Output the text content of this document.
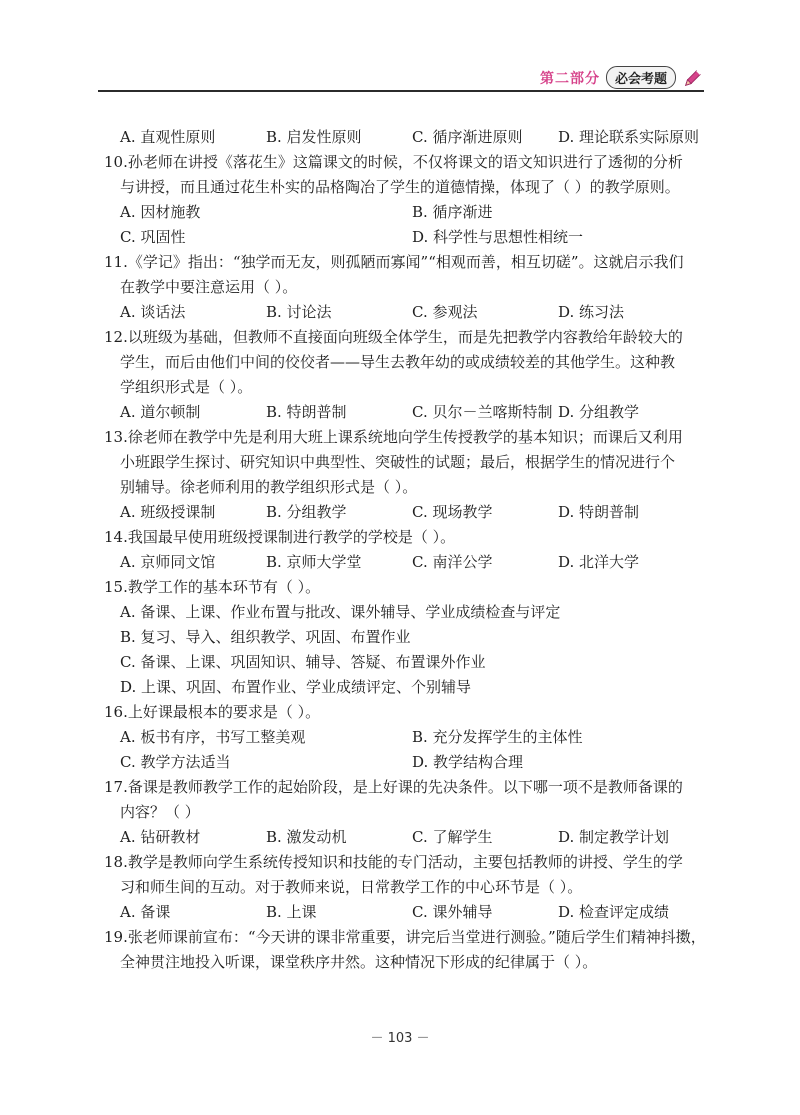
第二部分	必会考题
A. 直观性原则	B. 启发性原则	C. 循序渐进原则	D. 理论联系实际原则
10.孙老师在讲授《落花生》这篇课文的时候，不仅将课文的语文知识进行了透彻的分析
与讲授，而且通过花生朴实的品格陶冶了学生的道德情操，体现了（ ）的教学原则。
A. 因材施教	B. 循序渐进
C. 巩固性	D. 科学性与思想性相统一
11.《学记》指出：“独学而无友，则孤陋而寡闻”“相观而善，相互切磋”。这就启示我们
在教学中要注意运用（ ）。
A. 谈话法	B. 讨论法	C. 参观法	D. 练习法
12.以班级为基础，但教师不直接面向班级全体学生，而是先把教学内容教给年龄较大的
学生，而后由他们中间的佼佼者——导生去教年幼的或成绩较差的其他学生。这种教
学组织形式是（ ）。
A. 道尔顿制	B. 特朗普制	C. 贝尔－兰喀斯特制 D. 分组教学
13.徐老师在教学中先是利用大班上课系统地向学生传授教学的基本知识；而课后又利用
小班跟学生探讨、研究知识中典型性、突破性的试题；最后，根据学生的情况进行个
别辅导。徐老师利用的教学组织形式是（ ）。
A. 班级授课制	B. 分组教学	C. 现场教学	D. 特朗普制
14.我国最早使用班级授课制进行教学的学校是（ ）。
A. 京师同文馆	B. 京师大学堂	C. 南洋公学	D. 北洋大学
15.教学工作的基本环节有（ ）。
A. 备课、上课、作业布置与批改、课外辅导、学业成绩检查与评定
B. 复习、导入、组织教学、巩固、布置作业
C. 备课、上课、巩固知识、辅导、答疑、布置课外作业
D. 上课、巩固、布置作业、学业成绩评定、个别辅导
16.上好课最根本的要求是（ ）。
A. 板书有序，书写工整美观	B. 充分发挥学生的主体性
C. 教学方法适当	D. 教学结构合理
17.备课是教师教学工作的起始阶段，是上好课的先决条件。以下哪一项不是教师备课的
内容？（ ）
A. 钻研教材	B. 激发动机	C. 了解学生	D. 制定教学计划
18.教学是教师向学生系统传授知识和技能的专门活动，主要包括教师的讲授、学生的学
习和师生间的互动。对于教师来说，日常教学工作的中心环节是（ ）。
A. 备课	B. 上课	C. 课外辅导	D. 检查评定成绩
19.张老师课前宣布：“今天讲的课非常重要，讲完后当堂进行测验。”随后学生们精神抖擞，
全神贯注地投入听课，课堂秩序井然。这种情况下形成的纪律属于（ ）。
－ 103 －
